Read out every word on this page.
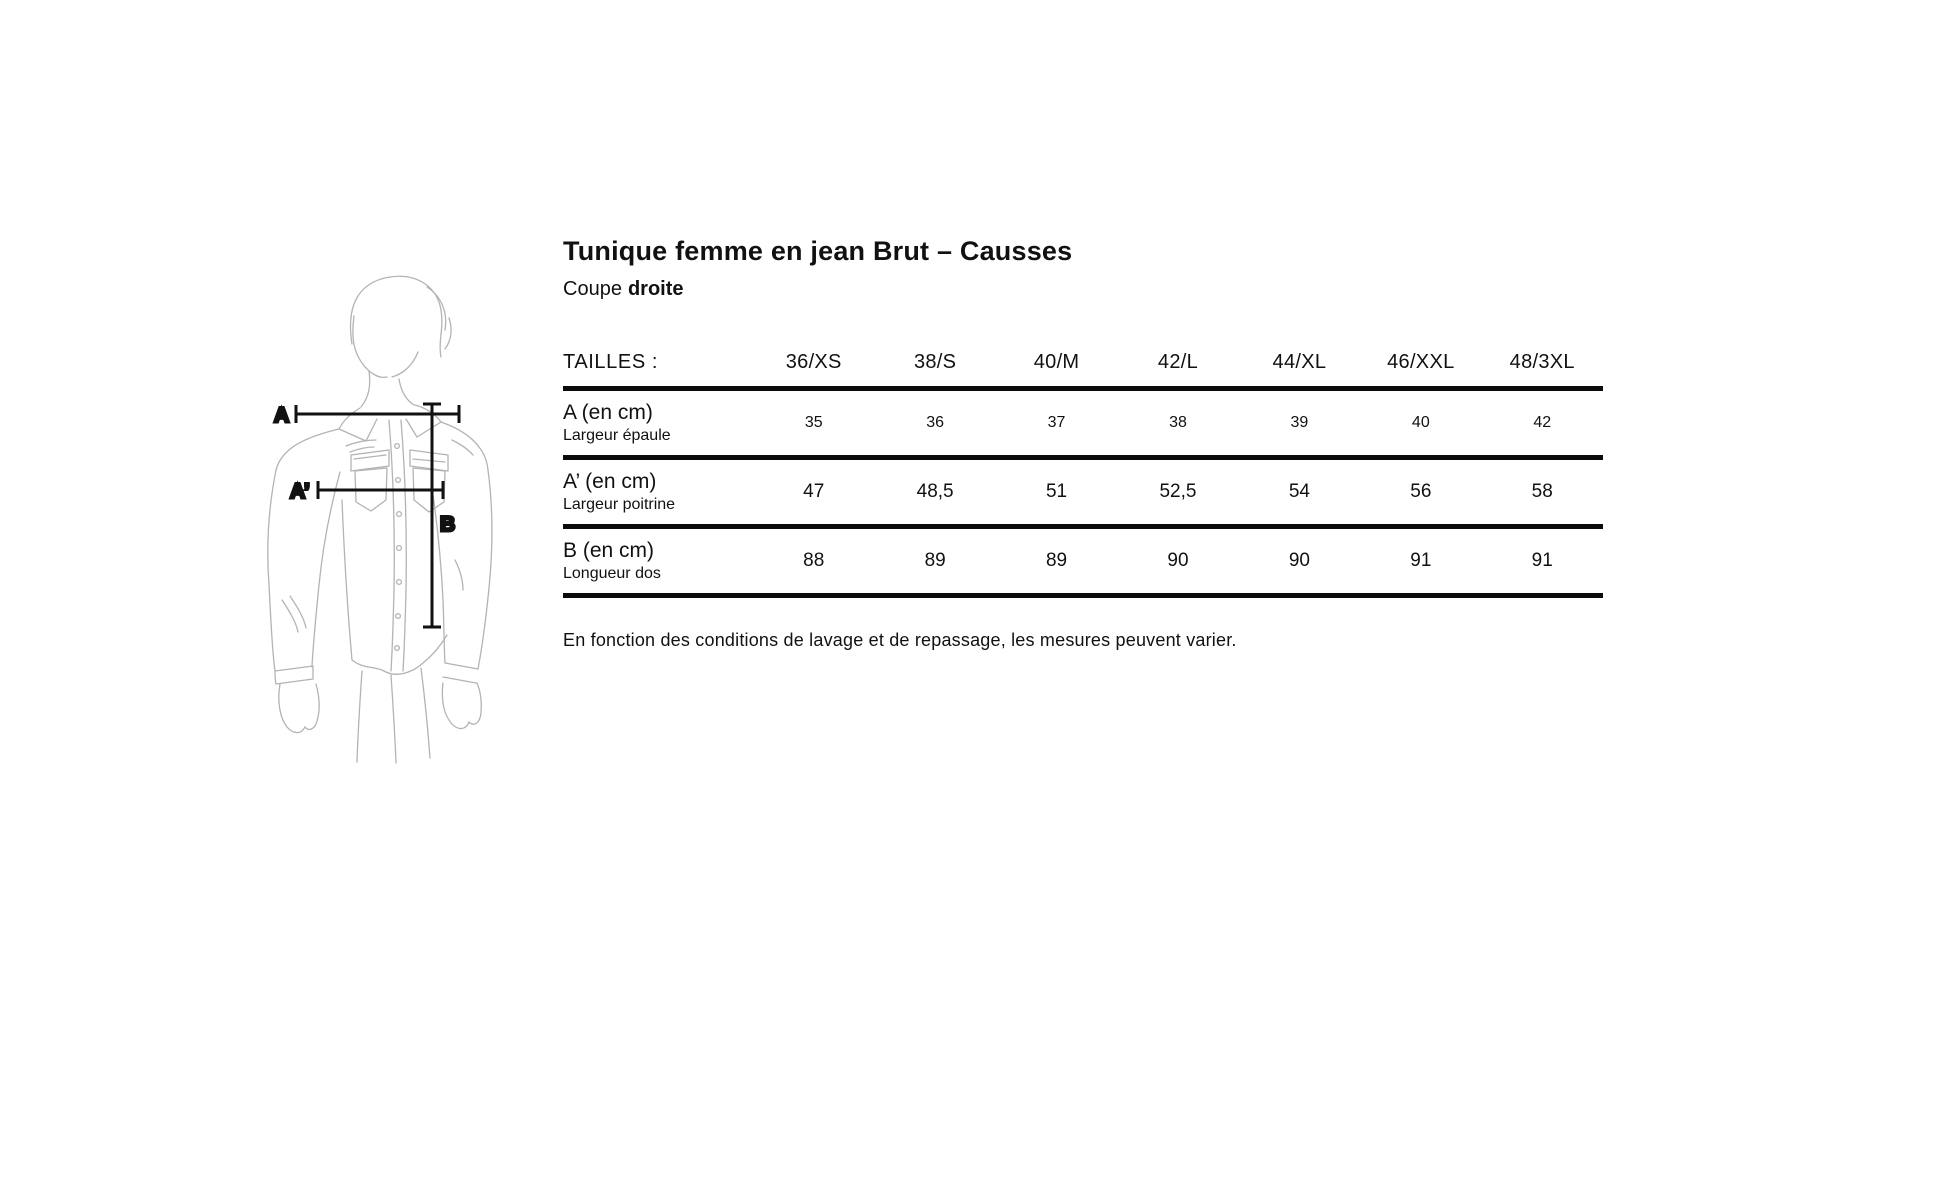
A
A’
B
Tunique femme en jean Brut – Causses

Coupe droite

TAILLES :	36/XS	38/S	40/M	42/L	44/XL	46/XXL	48/3XL
A (en cm)
Largeur épaule
35	36	37	38	39	40	42
A’ (en cm)
Largeur poitrine
47	48,5	51	52,5	54	56	58
B (en cm)
Longueur dos
88	89	89	90	90	91	91

En fonction des conditions de lavage et de repassage, les mesures peuvent varier.
